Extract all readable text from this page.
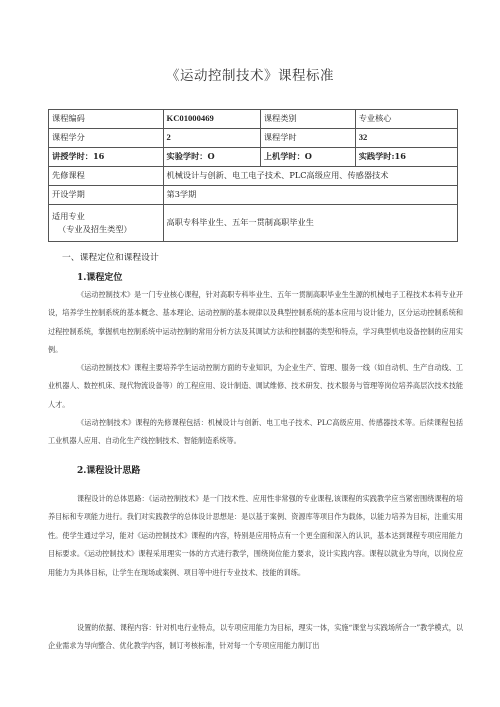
《运动控制技术》课程标准
课程编码	KC01000469	课程类别	专业核心
课程学分	2	课程学时	32
讲授学时：16	实验学时：O	上机学时：O	实践学时:16
先修课程	机械设计与创新、电工电子技术、PLC高级应用、传感器技术		
开设学期	第3学期		

适用专业
（专业及招生类型）	高职专科毕业生、五年一贯制高职毕业生		
一、课程定位和课程设计
1.课程定位
《运动控制技术》是一门专业核心课程，针对高职专科毕业生、五年一贯制高职毕业生生源的机械电子工程技术本科专业开设，培养学生控制系统的基本概念、基本理论、运动控制的基本规律以及典型控制系统的基本应用与设计能力，区分运动控制系统和过程控制系统，掌握机电控制系统中运动控制的常用分析方法及其调试方法和控制器的类型和特点，学习典型机电设备控制的应用实例。
《运动控制技术》课程主要培养学生运动控制方面的专业知识，为企业生产、管理、服务一线（如自动机、生产自动线、工业机器人、数控机床、现代物流设备等）的工程应用、设计制造、调试维修、技术研发、技术服务与管理等岗位培养高层次技术技能人才。
《运动控制技术》课程的先修课程包括：机械设计与创新、电工电子技术、PLC高级应用、传感器技术等。后续课程包括工业机器人应用、自动化生产线控制技术、智能制造系统等。
2.课程设计思路
课程设计的总体思路：《运动控制技术》是一门技术性、应用性非常强的专业课程,该课程的实践教学应当紧密围绕课程的培养目标和专项能力进行。我们对实践教学的总体设计思想是：是以基于案例、资源库等项目作为载体，以能力培养为目标，注重实用性。使学生通过学习，能对《运动控制技术》课程的内容，特别是应用特点有一个更全面和深入的认识，基本达到课程专项应用能力目标要求。《运动控制技术》课程采用理实一体的方式进行教学，围绕岗位能力要求，设计实践内容。课程以就业为导向，以岗位应用能力为具体目标，让学生在现场或案例、项目等中进行专业技术、技能的训练。
设置的依据、课程内容：针对机电行业特点，以专项应用能力为目标，理实一体，实施“课堂与实践场所合一”教学模式，以企业需求为导向整合、优化教学内容，制订考核标准，针对每一个专项应用能力制订出
